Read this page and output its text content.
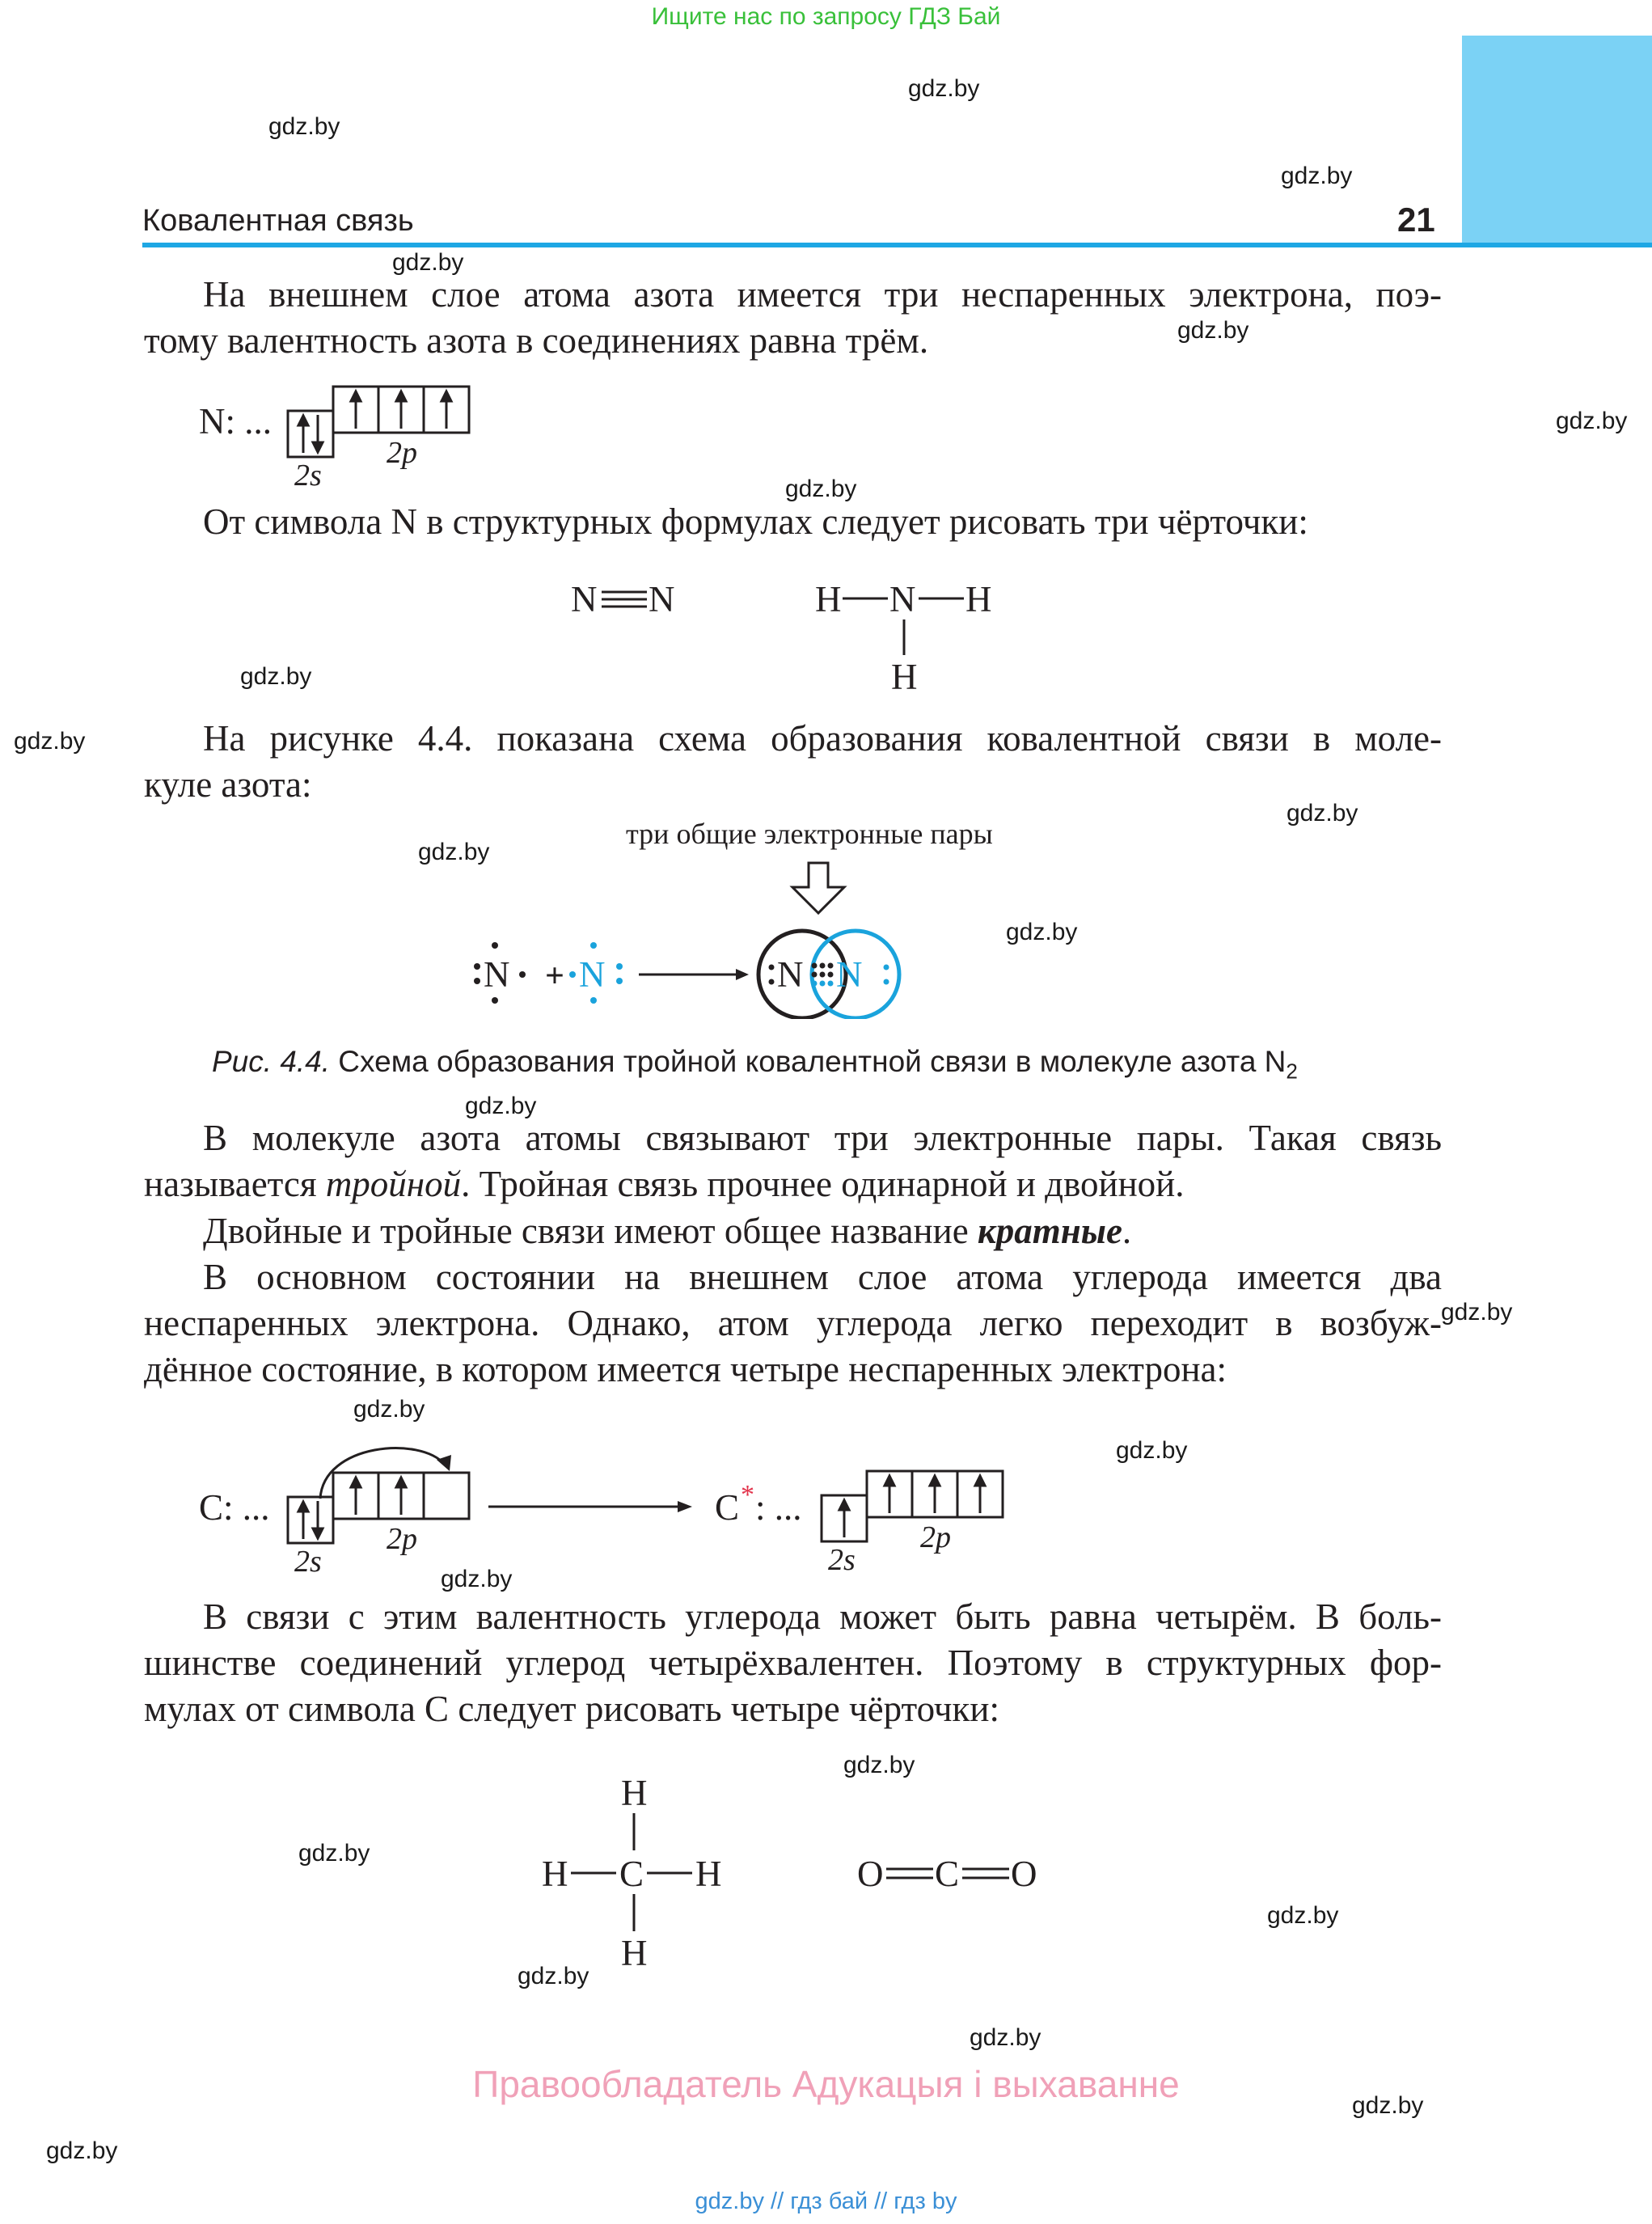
Ищите нас по запросу ГДЗ Бай
Ковалентная связь	21
gdz.by
gdz.by
gdz.by
gdz.by
gdz.by
gdz.by
gdz.by
gdz.by
gdz.by
gdz.by
gdz.by
gdz.by
gdz.by
gdz.by
gdz.by
gdz.by
gdz.by
gdz.by
gdz.by
gdz.by
gdz.by
gdz.by
gdz.by
gdz.by
На внешнем слое атома азота имеется три неспаренных электрона, поэ-
тому валентность азота в соединениях равна трём.
N: ...
2s
2p
От символа N в структурных формулах следует рисовать три чёрточки:
N N	H N H
H
На рисунке 4.4. показана схема образования ковалентной связи в моле-
куле азота:
три общие электронные пары
N + N	N N
Рис. 4.4. Схема образования тройной ковалентной связи в молекуле азота $N_2$
В молекуле азота атомы связывают три электронные пары. Такая связь
называется тройной. Тройная связь прочнее одинарной и двойной.
Двойные и тройные связи имеют общее название кратные.
В основном состоянии на внешнем слое атома углерода имеется два
неспаренных электрона. Однако, атом углерода легко переходит в возбуж-
дённое состояние, в котором имеется четыре неспаренных электрона:
C: ...
2s
2p
C * : ...
2s
2p
В связи с этим валентность углерода может быть равна четырём. В боль-
шинстве соединений углерод четырёхвалентен. Поэтому в структурных фор-
мулах от символа С следует рисовать четыре чёрточки:
H
H C H
H
O C O
Правообладатель Адукацыя і выхаванне
gdz.by // гдз бай // гдз by
